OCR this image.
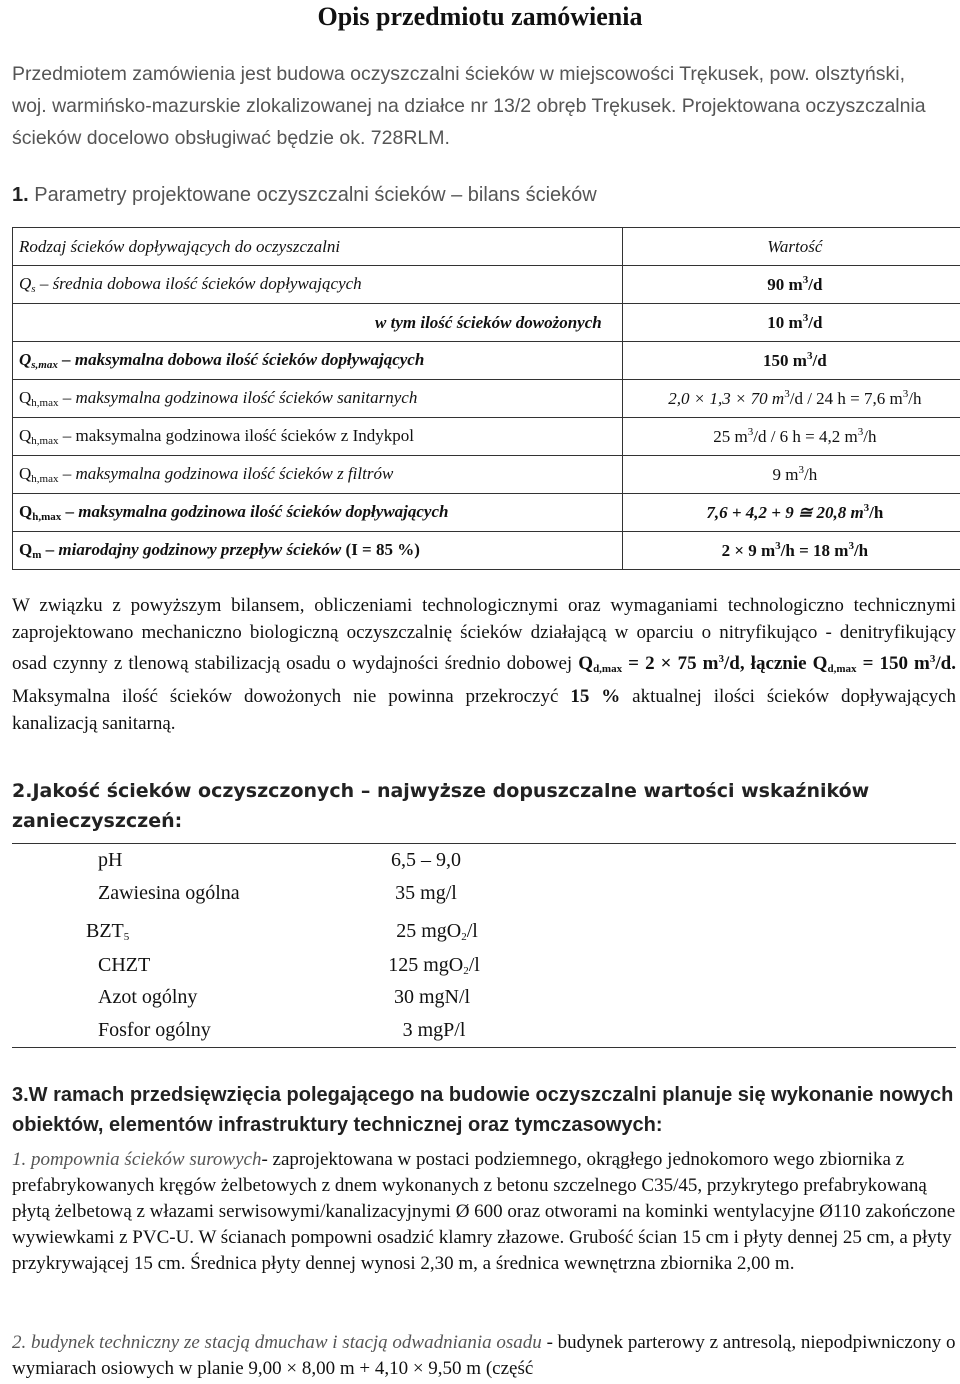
Opis przedmiotu zamówienia
Przedmiotem zamówienia jest budowa oczyszczalni ścieków w miejscowości Trękusek, pow. olsztyński, woj. warmińsko-mazurskie zlokalizowanej na działce nr 13/2 obręb Trękusek. Projektowana oczyszczalnia ścieków docelowo obsługiwać będzie ok. 728RLM.
1. Parametry projektowane oczyszczalni ścieków – bilans ścieków
Rodzaj ścieków dopływających do oczyszczalni	Wartość
$Q_s$ – średnia dobowa ilość ścieków dopływających	90 $m^3/d$
w tym ilość ścieków dowożonych	10 $m^3/d$
$Q_{s,max}$ – maksymalna dobowa ilość ścieków dopływających	150 $m^3/d$
$Q_{h,max}$ – maksymalna godzinowa ilość ścieków sanitarnych	2,0 × 1,3 × 70 $m^3/d / 24$ h = 7,6 $m^3/h$
$Q_{h,max}$ – maksymalna godzinowa ilość ścieków z Indykpol	25 $m^3/d / 6$ h = 4,2 $m^3/h$
$Q_{h,max}$ – maksymalna godzinowa ilość ścieków z filtrów	9 $m^3/h$
$Q_{h,max}$ – maksymalna godzinowa ilość ścieków dopływających	7,6 + 4,2 + 9 ≅ 20,8 $m^3/h$
$Q_m$ – miarodajny godzinowy przepływ ścieków (I = 85 %)	2 × 9 $m^3/h = 18$ $m^3/h$
W związku z powyższym bilansem, obliczeniami technologicznymi oraz wymaganiami technologiczno technicznymi zaprojektowano mechaniczno biologiczną oczyszczalnię ścieków działającą w oparciu o nitryfikująco - denitryfikujący osad czynny z tlenową stabilizacją osadu o wydajności średnio dobowej $Q_{d,max} = 2 \times 75$ $m^3/d$, łącznie $Q_{d,max} = 150$ $m^3/d$. Maksymalna ilość ścieków dowożonych nie powinna przekroczyć 15 % aktualnej ilości ścieków dopływających kanalizacją sanitarną.
2.Jakość ścieków oczyszczonych – najwyższe dopuszczalne wartości wskaźników zanieczyszczeń:
pH	6,5 – 9,0
Zawiesina ogólna	35 mg/l
$BZT_5$	25 mgO$_2$/l
CHZT	125 mgO$_2$/l
Azot ogólny	30 mgN/l
Fosfor ogólny	3 mgP/l
3.W ramach przedsięwzięcia polegającego na budowie oczyszczalni planuje się wykonanie nowych obiektów, elementów infrastruktury technicznej oraz tymczasowych:
1. pompownia ścieków surowych- zaprojektowana w postaci podziemnego, okrągłego jednokomoro wego zbiornika z prefabrykowanych kręgów żelbetowych z dnem wykonanych z betonu szczelnego C35/45, przykrytego prefabrykowaną płytą żelbetową z włazami serwisowymi/kanalizacyjnymi Ø 600 oraz otworami na kominki wentylacyjne Ø110 zakończone wywiewkami z PVC-U. W ścianach pompowni osadzić klamry złazowe. Grubość ścian 15 cm i płyty dennej 25 cm, a płyty przykrywającej 15 cm. Średnica płyty dennej wynosi 2,30 m, a średnica wewnętrzna zbiornika 2,00 m.
2. budynek techniczny ze stacją dmuchaw i stacją odwadniania osadu - budynek parterowy z antresolą, niepodpiwniczony o wymiarach osiowych w planie 9,00 × 8,00 m + 4,10 × 9,50 m (część
